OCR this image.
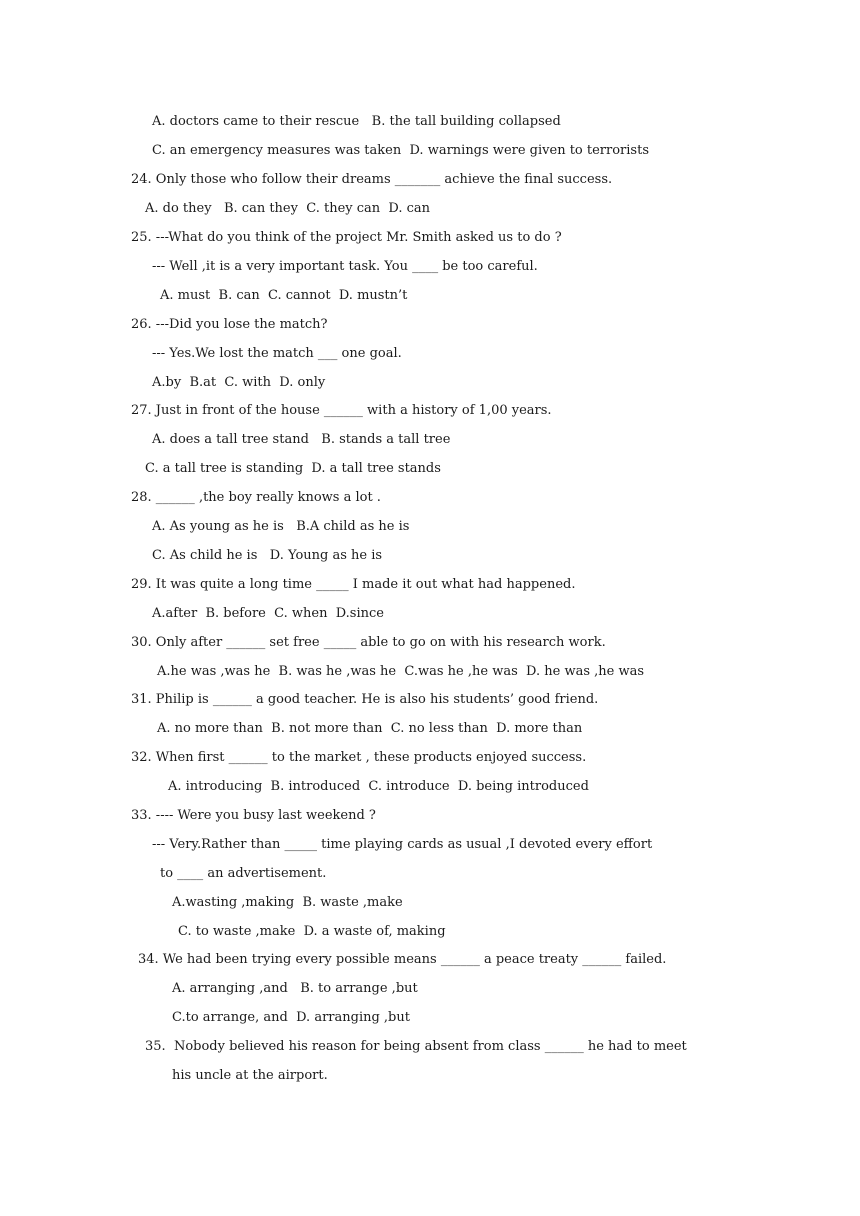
A. doctors came to their rescue   B. the tall building collapsed
C. an emergency measures was taken  D. warnings were given to terrorists
24. Only those who follow their dreams _______ achieve the final success.
A. do they   B. can they  C. they can  D. can
25. ---What do you think of the project Mr. Smith asked us to do ?
--- Well ,it is a very important task. You ____ be too careful.
A. must  B. can  C. cannot  D. mustn’t
26. ---Did you lose the match?
--- Yes.We lost the match ___ one goal.
A.by  B.at  C. with  D. only
27. Just in front of the house ______ with a history of 1,00 years.
A. does a tall tree stand   B. stands a tall tree
C. a tall tree is standing  D. a tall tree stands
28. ______ ,the boy really knows a lot .
A. As young as he is   B.A child as he is
C. As child he is   D. Young as he is
29. It was quite a long time _____ I made it out what had happened.
A.after  B. before  C. when  D.since
30. Only after ______ set free _____ able to go on with his research work.
A.he was ,was he  B. was he ,was he  C.was he ,he was  D. he was ,he was
31. Philip is ______ a good teacher. He is also his students’ good friend.
A. no more than  B. not more than  C. no less than  D. more than
32. When first ______ to the market , these products enjoyed success.
A. introducing  B. introduced  C. introduce  D. being introduced
33. ---- Were you busy last weekend ?
--- Very.Rather than _____ time playing cards as usual ,I devoted every effort
to ____ an advertisement.
A.wasting ,making  B. waste ,make
C. to waste ,make  D. a waste of, making
34. We had been trying every possible means ______ a peace treaty ______ failed.
A. arranging ,and   B. to arrange ,but
C.to arrange, and  D. arranging ,but
35.  Nobody believed his reason for being absent from class ______ he had to meet
his uncle at the airport.
